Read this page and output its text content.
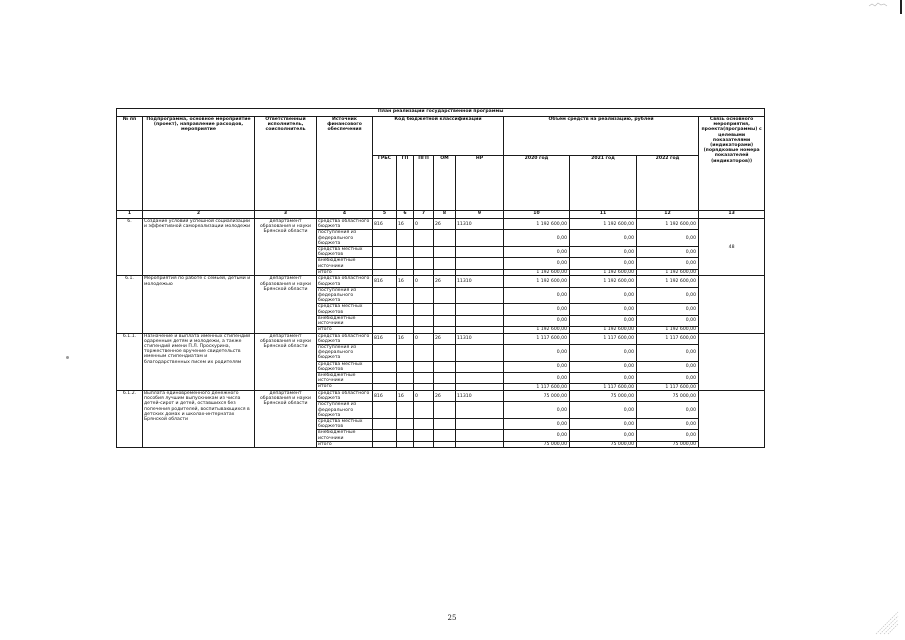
План реализации государственной программы												
№ пп	Подпрограмма, основное мероприятие (проект), направление расходов, мероприятие	Ответственный исполнитель, соисполнитель	Источник финансового обеспечения	Код бюджетной классификации					Объём средств на реализацию, рублей			Связь основного мероприятия, проекта(программы) с целевыми показателями (индикаторами) (порядковые номера показателей (индикаторов))
				ГРБС	ГП	ПГП	ОМ	НР	2020 год	2021 год	2022 год	
1	2	3	4	5	6	7	8	9	10	11	12	13
6.	Создание условий успешной социализации и эффективной самореализации молодежи	департамент образования и науки Брянской области	средства областного бюджета	816	16	0	26	11310	1 192 600,00	1 192 600,00	1 192 600,00	48
			поступления из федерального бюджета						0,00	0,00	0,00	
			средства местных бюджетов						0,00	0,00	0,00	
			внебюджетные источники						0,00	0,00	0,00	
			итого						1 192 600,00	1 192 600,00	1 192 600,00	
6.1.	Мероприятия по работе с семьей, детьми и молодежью	департамент образования и науки Брянской области	средства областного бюджета	816	16	0	26	11310	1 192 600,00	1 192 600,00	1 192 600,00	
			поступления из федерального бюджета						0,00	0,00	0,00	
			средства местных бюджетов						0,00	0,00	0,00	
			внебюджетные источники						0,00	0,00	0,00	
			итого						1 192 600,00	1 192 600,00	1 192 600,00	
6.1.1.	Назначение и выплата именных стипендий одаренным детям и молодежи, а также стипендий имени П.Л. Проскурина, торжественное вручение свидетельств именным стипендиатам и благодарственных писем их родителям	департамент образования и науки Брянской области	средства областного бюджета	816	16	0	26	11310	1 117 600,00	1 117 600,00	1 117 600,00	
			поступления из федерального бюджета						0,00	0,00	0,00	
			средства местных бюджетов						0,00	0,00	0,00	
			внебюджетные источники						0,00	0,00	0,00	
			итого						1 117 600,00	1 117 600,00	1 117 600,00	
6.1.2.	Выплата единовременного денежного пособия лучшим выпускникам из числа детей-сирот и детей, оставшихся без попечения родителей, воспитывающихся в детских домах и школах-интернатах Брянской области	департамент образования и науки Брянской области	средства областного бюджета	816	16	0	26	11310	75 000,00	75 000,00	75 000,00	
			поступления из федерального бюджета						0,00	0,00	0,00	
			средства местных бюджетов						0,00	0,00	0,00	
			внебюджетные источники						0,00	0,00	0,00	
			итого						75 000,00	75 000,00	75 000,00	
25
